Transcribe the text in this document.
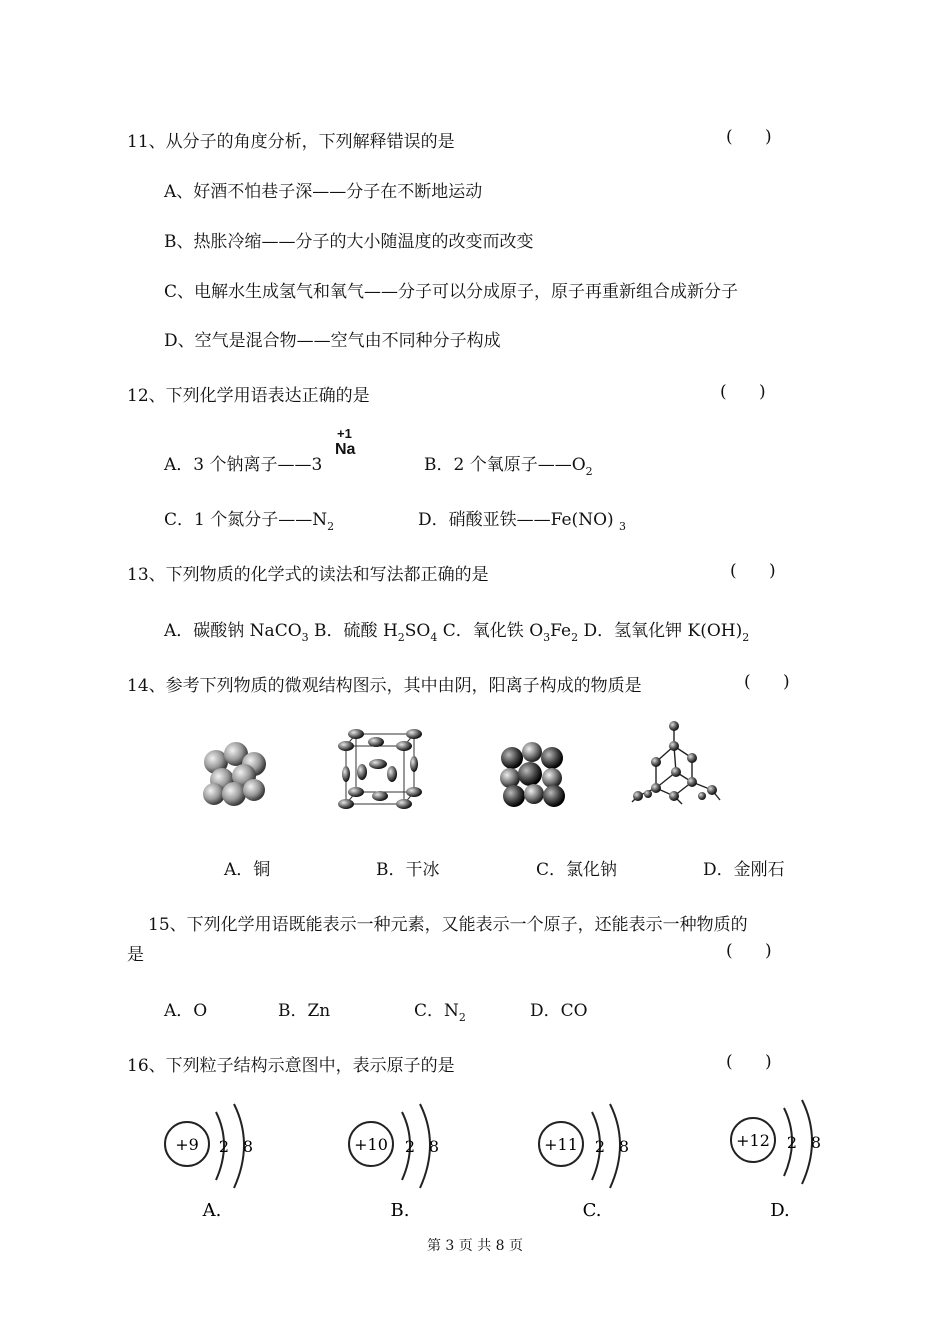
11、从分子的角度分析，下列解释错误的是	(      )
A、好酒不怕巷子深——分子在不断地运动
B、热胀冷缩——分子的大小随温度的改变而改变
C、电解水生成氢气和氧气——分子可以分成原子，原子再重新组合成新分子
D、空气是混合物——空气由不同种分子构成
12、下列化学用语表达正确的是	(      )
A．3 个钠离子——3
+1
Na
B．2 个氧原子$——O_2$
C．1 个氮分子$——N_2$	D．硝酸亚铁——Fe(NO) $_3$
13、下列物质的化学式的读法和写法都正确的是	(      )
A．碳酸钠 NaCO$_3$ B．硫酸 $H_2SO_4$ C．氧化铁 $O_3Fe_2$ D．氢氧化钾 $K(OH)_2$
14、参考下列物质的微观结构图示，其中由阴，阳离子构成的物质是	(      )
A．铜	B．干冰	C．氯化钠	D．金刚石
15、下列化学用语既能表示一种元素，又能表示一个原子，还能表示一种物质的
是	(      )
A．O	B．Zn	C．$N_2$	D．CO
16、下列粒子结构示意图中，表示原子的是	(      )
+9 2 8
A.
+10 2 8
B.
+11 2 8
C.
+12 2 8
D.
第 3 页 共 8 页
